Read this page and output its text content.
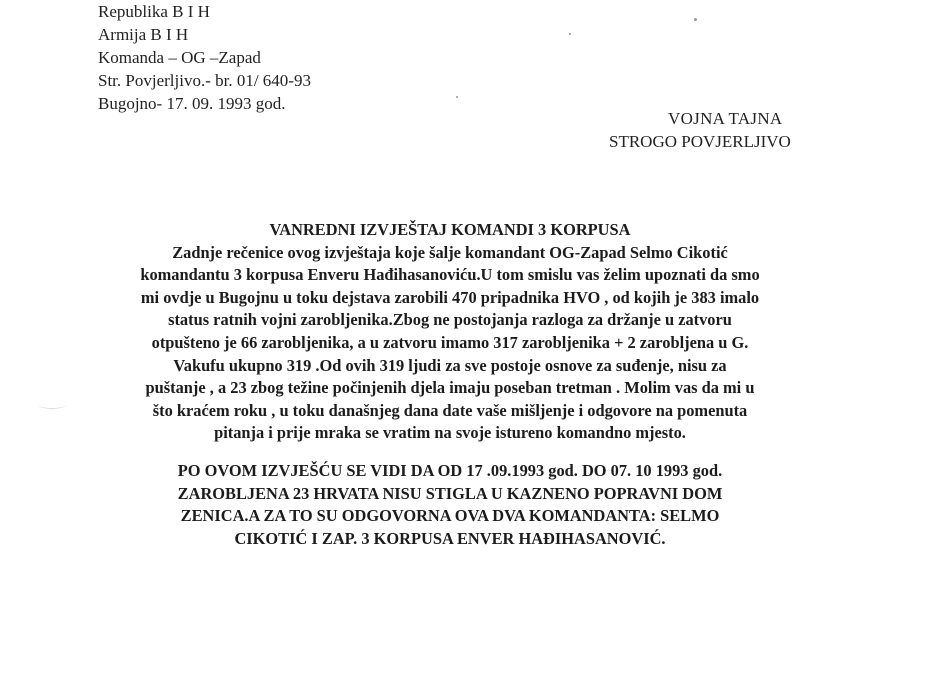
Republika B I H
Armija B I H
Komanda – OG –Zapad
Str. Povjerljivo.- br. 01/ 640-93
Bugojno- 17. 09. 1993 god.
VOJNA TAJNA
STROGO POVJERLJIVO
VANREDNI IZVJEŠTAJ KOMANDI 3 KORPUSA
Zadnje rečenice ovog izvještaja koje šalje komandant OG-Zapad Selmo Cikotić
komandantu 3 korpusa Enveru Hađihasanoviću.U tom smislu vas želim upoznati da smo
mi ovdje u Bugojnu u toku dejstava zarobili 470 pripadnika HVO , od kojih je 383 imalo
status ratnih vojni zarobljenika.Zbog ne postojanja razloga za držanje u zatvoru
otpušteno je 66 zarobljenika, a u zatvoru imamo 317 zarobljenika + 2 zarobljena u G.
Vakufu ukupno 319 .Od ovih 319 ljudi za sve postoje osnove za suđenje, nisu za
puštanje , a 23 zbog težine počinjenih djela imaju poseban tretman . Molim vas da mi u
što kraćem roku , u toku današnjeg dana date vaše mišljenje i odgovore na pomenuta
pitanja i prije mraka se vratim na svoje istureno komandno mjesto.
PO OVOM IZVJEŠĆU SE VIDI DA OD 17 .09.1993 god. DO 07. 10 1993 god.
ZAROBLJENA 23 HRVATA NISU STIGLA U KAZNENO POPRAVNI DOM
ZENICA.A ZA TO SU ODGOVORNA OVA DVA KOMANDANTA: SELMO
CIKOTIĆ I ZAP. 3 KORPUSA ENVER HAĐIHASANOVIĆ.
